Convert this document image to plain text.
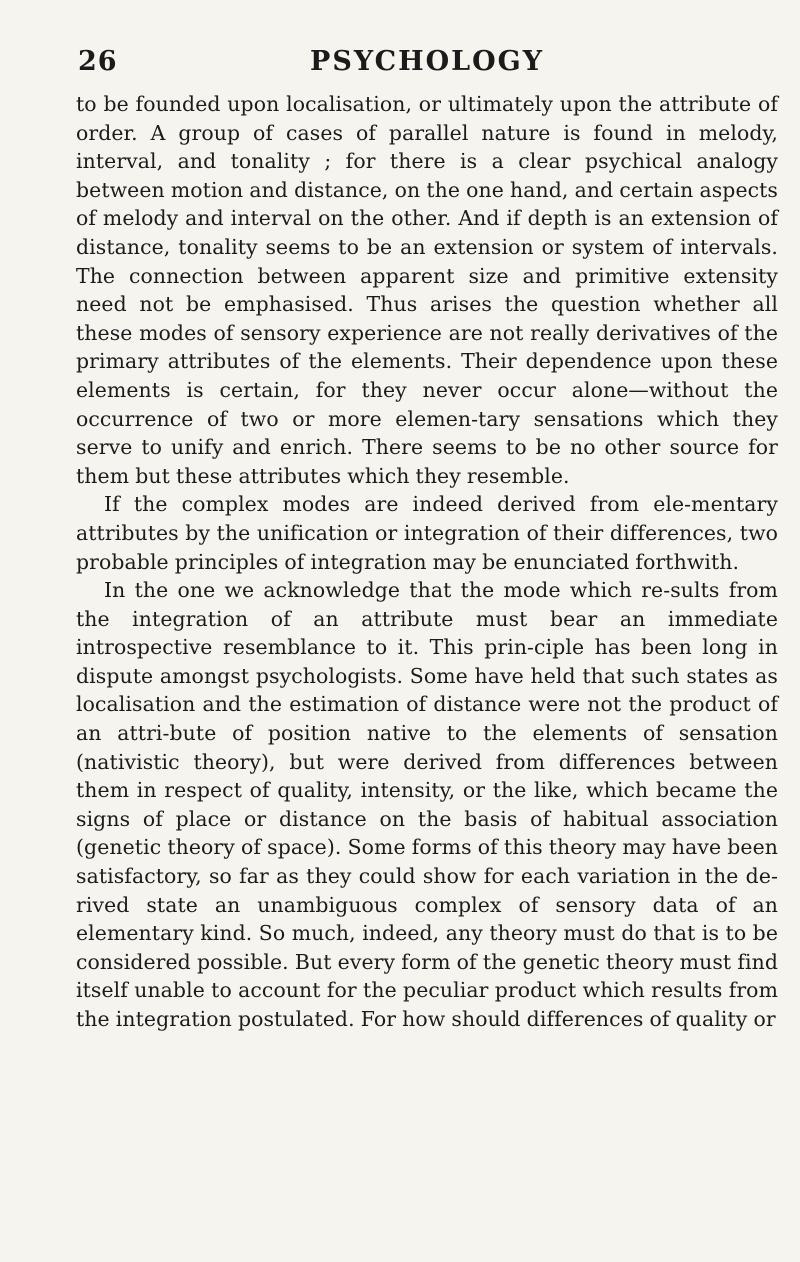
26	PSYCHOLOGY

to be founded upon localisation, or ultimately upon the attribute of order. A group of cases of parallel nature is found in melody, interval, and tonality ; for there is a clear psychical analogy between motion and distance, on the one hand, and certain aspects of melody and interval on the other. And if depth is an extension of distance, tonality seems to be an extension or system of intervals. The connection between apparent size and primitive extensity need not be emphasised. Thus arises the question whether all these modes of sensory experience are not really derivatives of the primary attributes of the elements. Their dependence upon these elements is certain, for they never occur alone—without the occurrence of two or more elemen-tary sensations which they serve to unify and enrich. There seems to be no other source for them but these attributes which they resemble.

If the complex modes are indeed derived from ele-mentary attributes by the unification or integration of their differences, two probable principles of integration may be enunciated forthwith.

In the one we acknowledge that the mode which re-sults from the integration of an attribute must bear an immediate introspective resemblance to it. This prin-ciple has been long in dispute amongst psychologists. Some have held that such states as localisation and the estimation of distance were not the product of an attri-bute of position native to the elements of sensation (nativistic theory), but were derived from differences between them in respect of quality, intensity, or the like, which became the signs of place or distance on the basis of habitual association (genetic theory of space). Some forms of this theory may have been satisfactory, so far as they could show for each variation in the de-rived state an unambiguous complex of sensory data of an elementary kind. So much, indeed, any theory must do that is to be considered possible. But every form of the genetic theory must find itself unable to account for the peculiar product which results from the integration postulated. For how should differences of quality or
